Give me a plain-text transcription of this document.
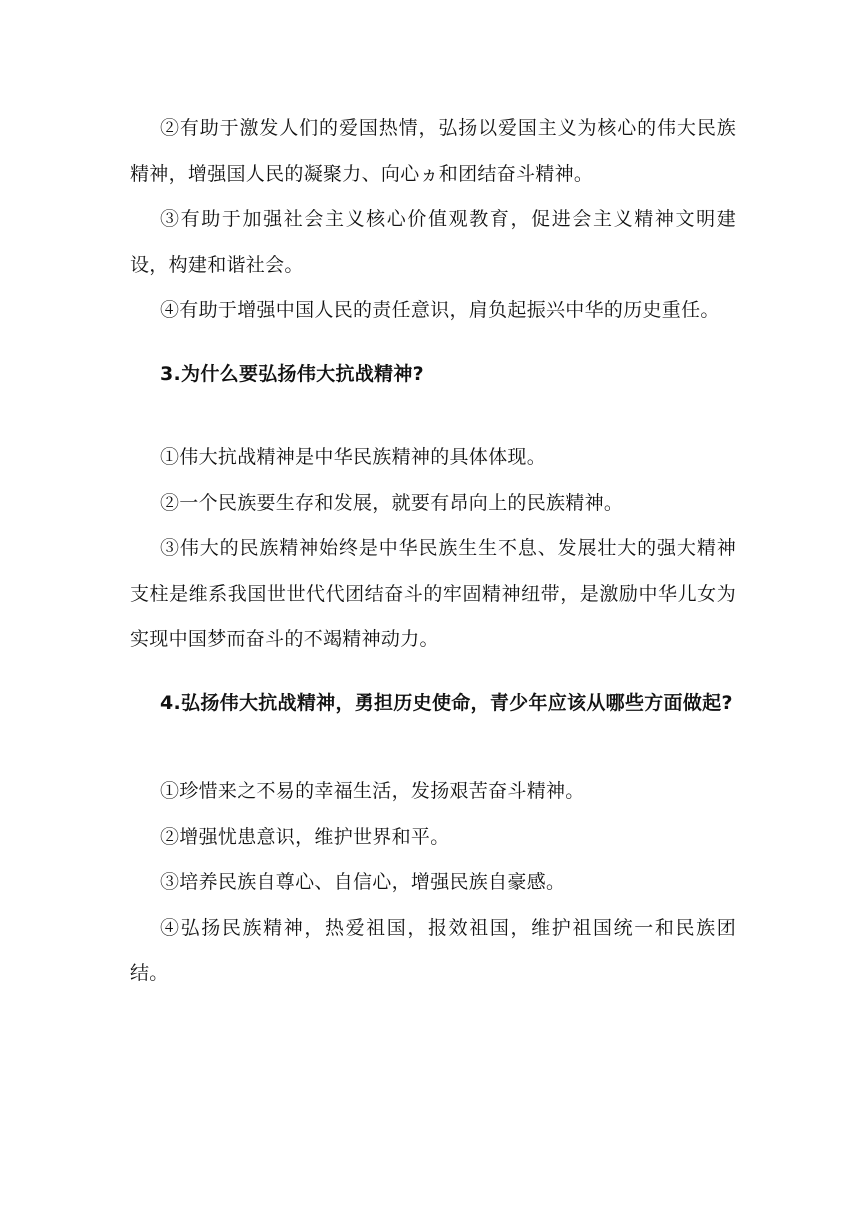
②有助于激发人们的爱国热情，弘扬以爱国主义为核心的伟大民族精神，增强国人民的凝聚力、向心ヵ和团结奋斗精神。

③有助于加强社会主义核心价值观教育，促进会主义精神文明建设，构建和谐社会。

④有助于增强中国人民的责任意识，肩负起振兴中华的历史重任。

3.为什么要弘扬伟大抗战精神?

①伟大抗战精神是中华民族精神的具体体现。

②一个民族要生存和发展，就要有昂向上的民族精神。

③伟大的民族精神始终是中华民族生生不息、发展壮大的强大精神支柱是维系我国世世代代团结奋斗的牢固精神纽带，是激励中华儿女为实现中国梦而奋斗的不竭精神动力。

4.弘扬伟大抗战精神，勇担历史使命，青少年应该从哪些方面做起?

①珍惜来之不易的幸福生活，发扬艰苦奋斗精神。

②增强忧患意识，维护世界和平。

③培养民族自尊心、自信心，增强民族自豪感。

④弘扬民族精神，热爱祖国，报效祖国，维护祖国统一和民族团结。
